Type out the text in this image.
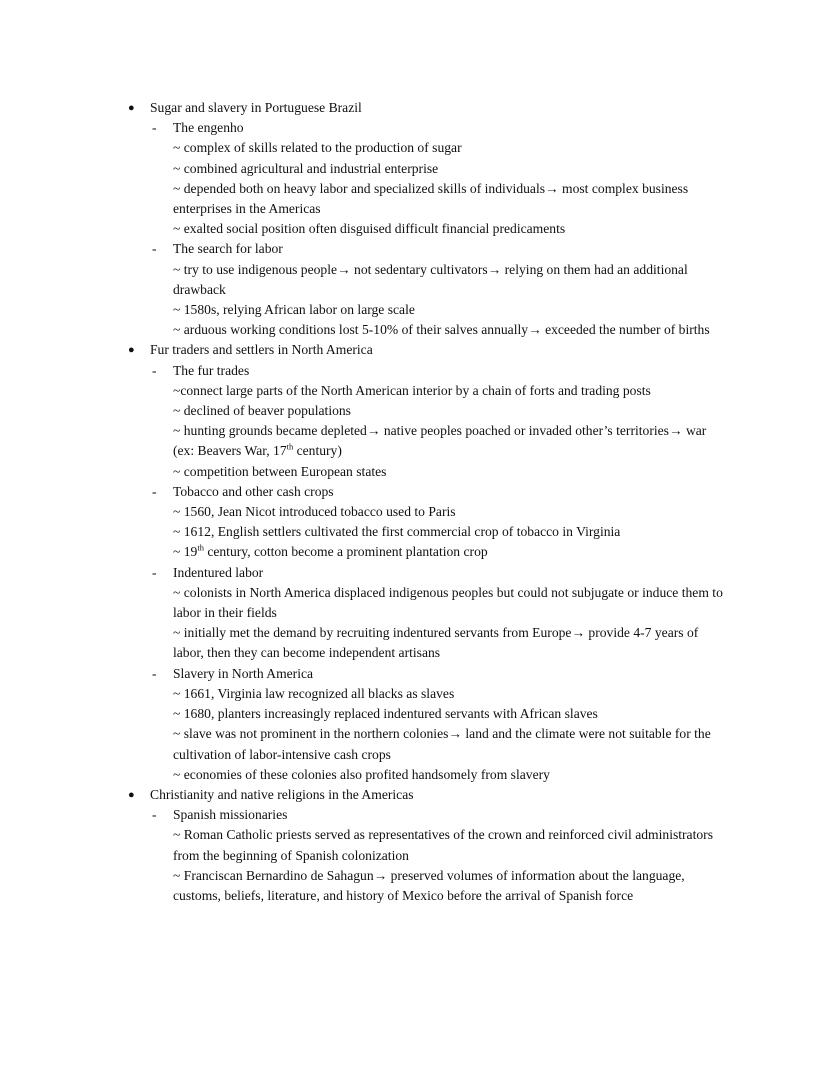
● Sugar and slavery in Portuguese Brazil
- The engenho
~ complex of skills related to the production of sugar
~ combined agricultural and industrial enterprise
~ depended both on heavy labor and specialized skills of individuals→ most complex business enterprises in the Americas
~ exalted social position often disguised difficult financial predicaments
- The search for labor
~ try to use indigenous people→ not sedentary cultivators→ relying on them had an additional drawback
~ 1580s, relying African labor on large scale
~ arduous working conditions lost 5-10% of their salves annually→ exceeded the number of births
● Fur traders and settlers in North America
- The fur trades
~connect large parts of the North American interior by a chain of forts and trading posts
~ declined of beaver populations
~ hunting grounds became depleted→ native peoples poached or invaded other’s territories→ war (ex: Beavers War, 17th century)
~ competition between European states
- Tobacco and other cash crops
~ 1560, Jean Nicot introduced tobacco used to Paris
~ 1612, English settlers cultivated the first commercial crop of tobacco in Virginia
~ 19th century, cotton become a prominent plantation crop
- Indentured labor
~ colonists in North America displaced indigenous peoples but could not subjugate or induce them to labor in their fields
~ initially met the demand by recruiting indentured servants from Europe→ provide 4-7 years of labor, then they can become independent artisans
- Slavery in North America
~ 1661, Virginia law recognized all blacks as slaves
~ 1680, planters increasingly replaced indentured servants with African slaves
~ slave was not prominent in the northern colonies→ land and the climate were not suitable for the cultivation of labor-intensive cash crops
~ economies of these colonies also profited handsomely from slavery
● Christianity and native religions in the Americas
- Spanish missionaries
~ Roman Catholic priests served as representatives of the crown and reinforced civil administrators from the beginning of Spanish colonization
~ Franciscan Bernardino de Sahagun→ preserved volumes of information about the language, customs, beliefs, literature, and history of Mexico before the arrival of Spanish force
